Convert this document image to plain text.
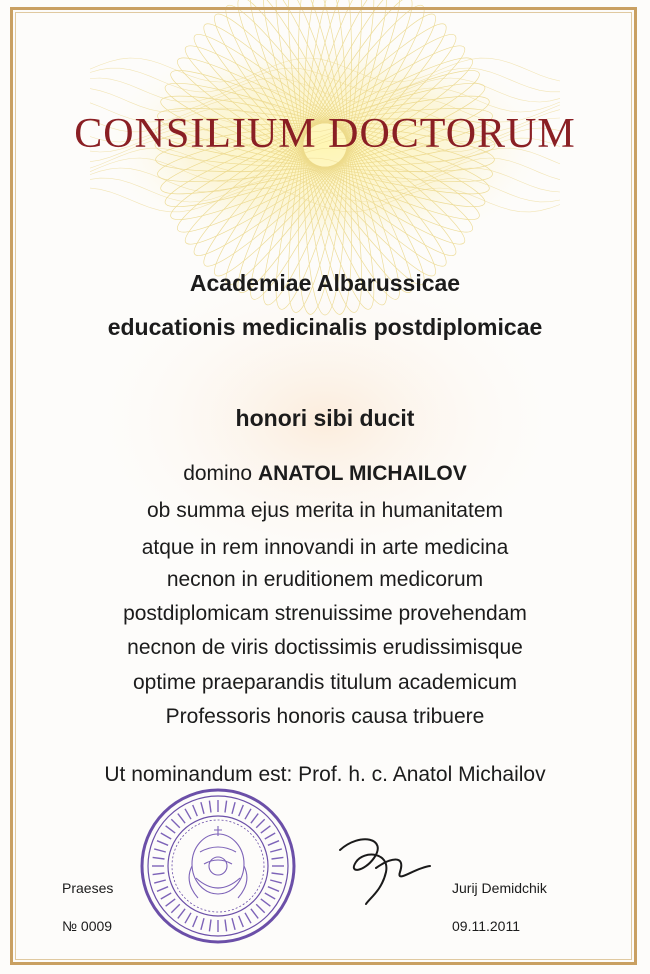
CONSILIUM DOCTORUM
Academiae Albarussicae
educationis medicinalis postdiplomicae
honori sibi ducit
domino ANATOL MICHAILOV
ob summa ejus merita in humanitatem
atque in rem innovandi in arte medicina
necnon in eruditionem medicorum
postdiplomicam strenuissime provehendam
necnon de viris doctissimis erudissimisque
optime praeparandis titulum academicum
Professoris honoris causa tribuere
Ut nominandum est: Prof. h. c. Anatol Michailov
Praeses
№ 0009
Jurij Demidchik
09.11.2011
